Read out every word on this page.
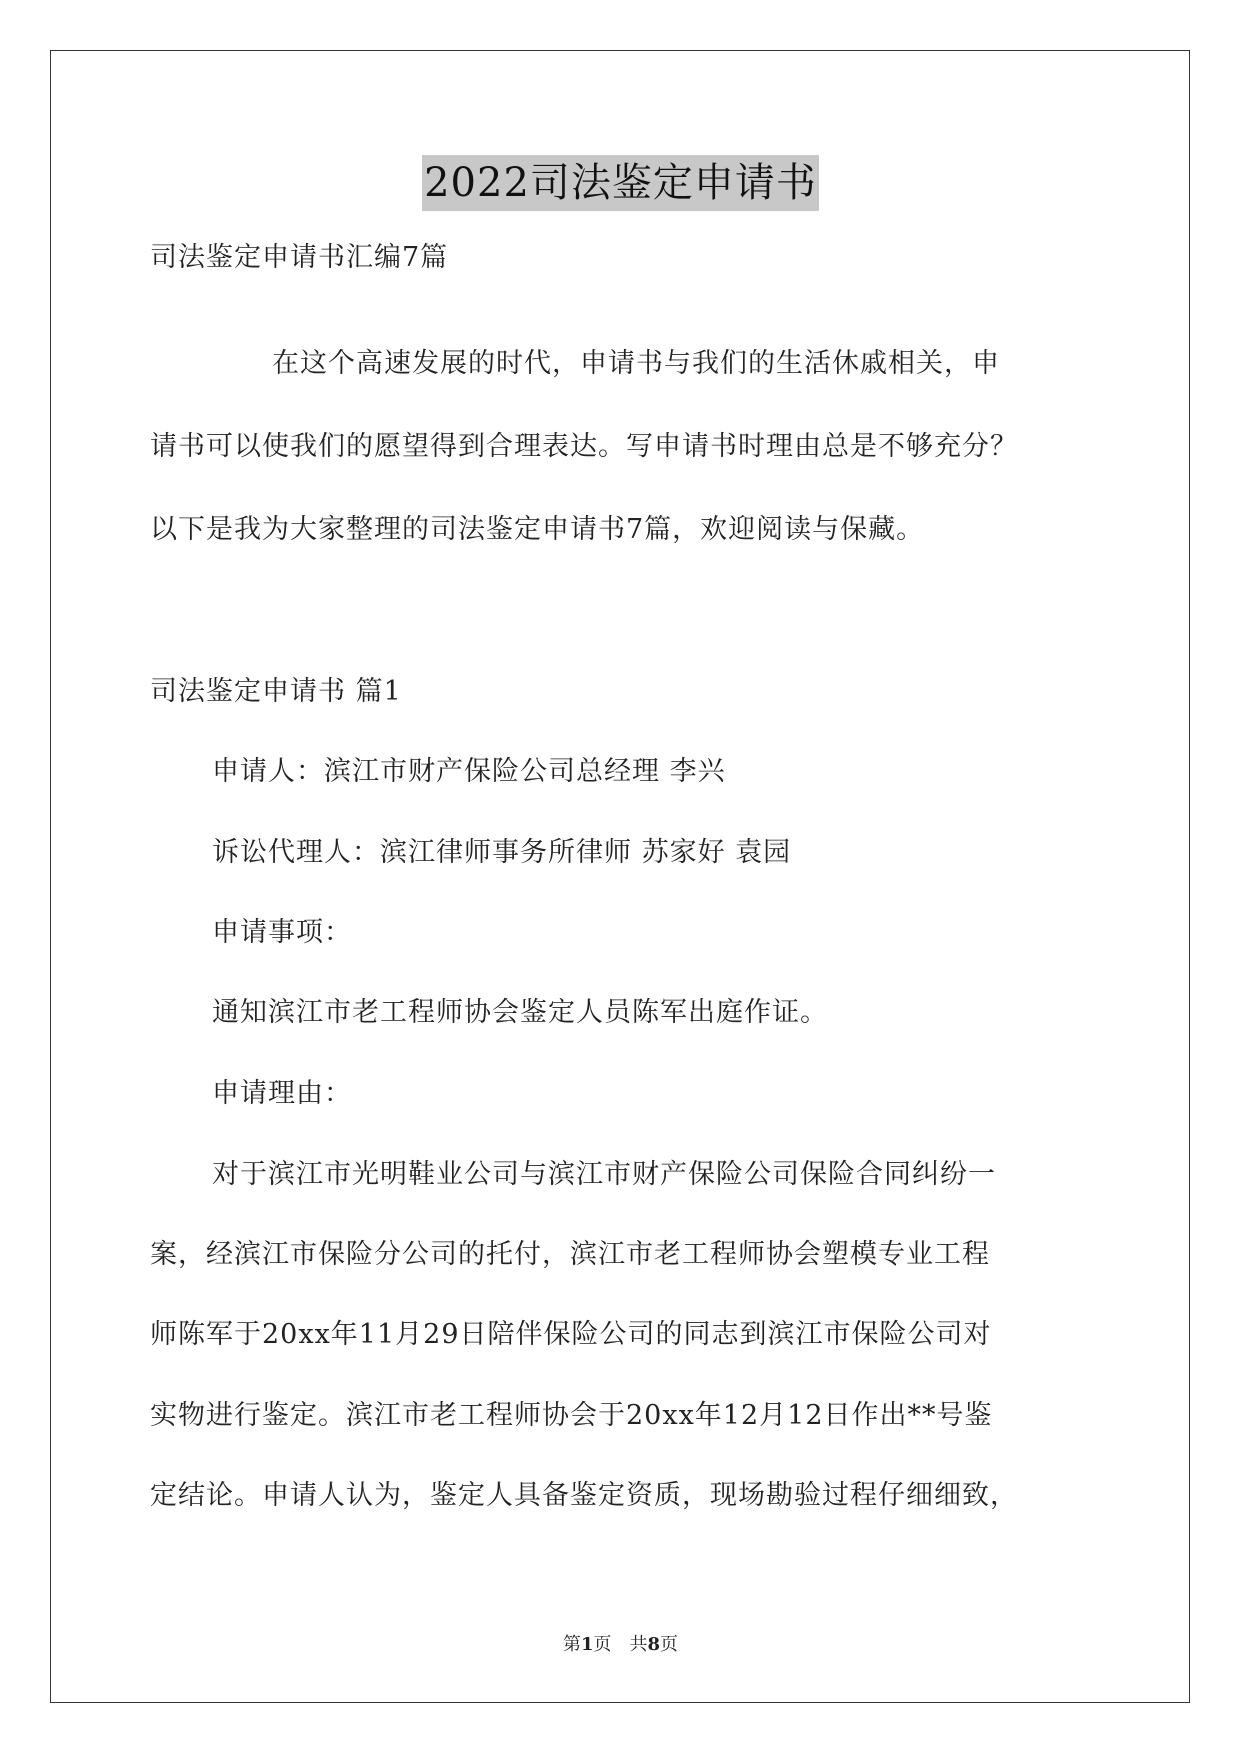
2022司法鉴定申请书
司法鉴定申请书汇编7篇
在这个高速发展的时代，申请书与我们的生活休戚相关，申
请书可以使我们的愿望得到合理表达。写申请书时理由总是不够充分？
以下是我为大家整理的司法鉴定申请书7篇，欢迎阅读与保藏。
司法鉴定申请书 篇1
申请人：滨江市财产保险公司总经理 李兴
诉讼代理人：滨江律师事务所律师 苏家好 袁园
申请事项：
通知滨江市老工程师协会鉴定人员陈军出庭作证。
申请理由：
对于滨江市光明鞋业公司与滨江市财产保险公司保险合同纠纷一
案，经滨江市保险分公司的托付，滨江市老工程师协会塑模专业工程
师陈军于20xx年11月29日陪伴保险公司的同志到滨江市保险公司对
实物进行鉴定。滨江市老工程师协会于20xx年12月12日作出**号鉴
定结论。申请人认为，鉴定人具备鉴定资质，现场勘验过程仔细细致，
第1页　共8页
